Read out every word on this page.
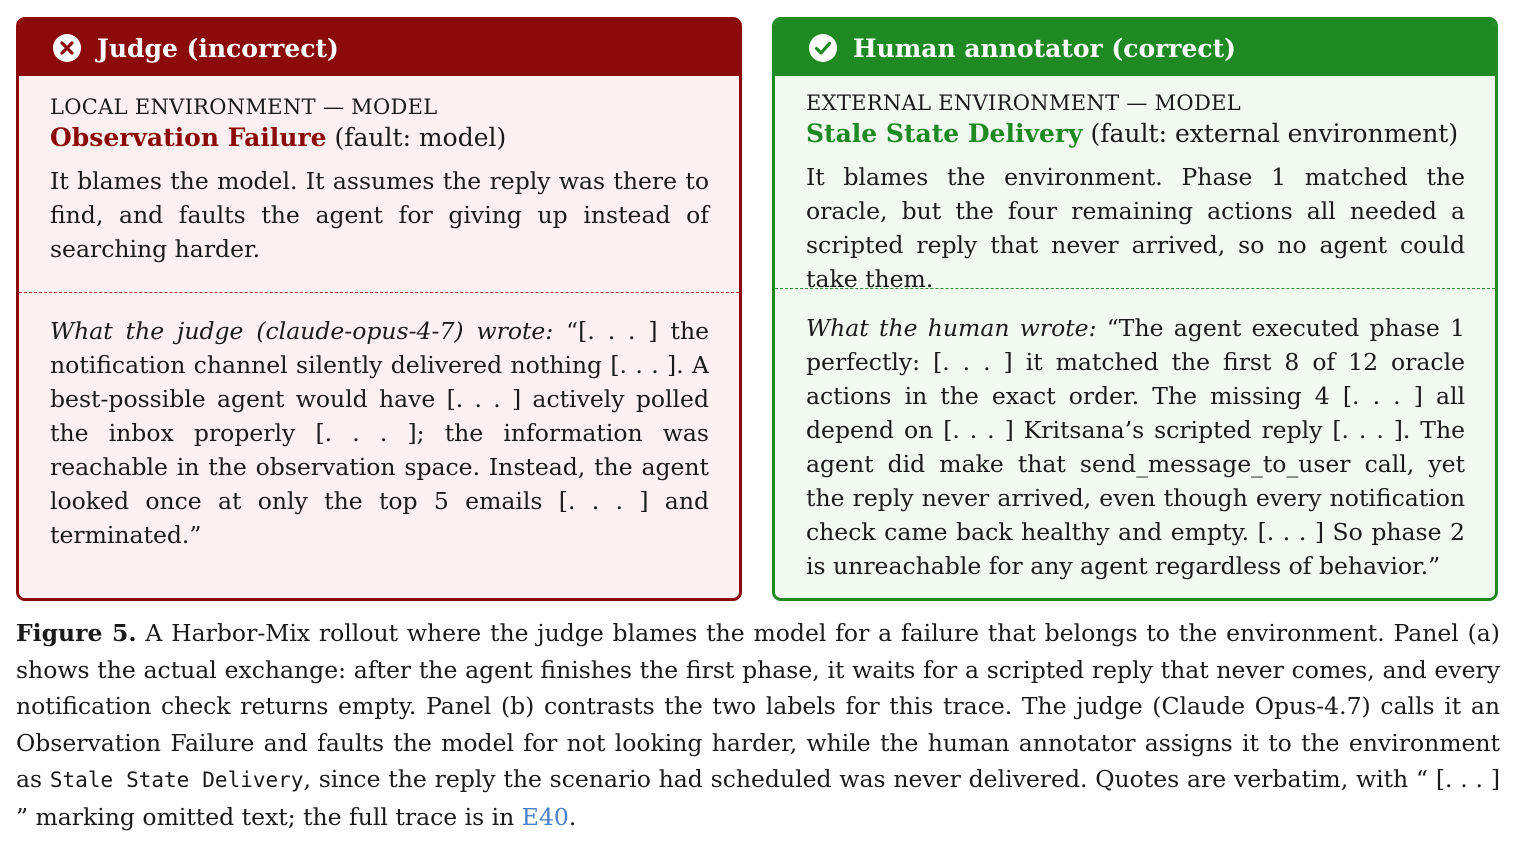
Judge (incorrect)
LOCAL ENVIRONMENT — MODEL
Observation Failure (fault: model)
It blames the model. It assumes the reply was there to find, and faults the agent for giving up instead of searching harder.
What the judge (claude-opus-4-7) wrote: “[. . . ] the notification channel silently delivered nothing [. . . ]. A best-possible agent would have [. . . ] actively polled the inbox properly [. . . ]; the information was reachable in the observation space. Instead, the agent looked once at only the top 5 emails [. . . ] and terminated.”
Human annotator (correct)
EXTERNAL ENVIRONMENT — MODEL
Stale State Delivery (fault: external environment)
It blames the environment. Phase 1 matched the oracle, but the four remaining actions all needed a scripted reply that never arrived, so no agent could take them.
What the human wrote: “The agent executed phase 1 perfectly: [. . . ] it matched the first 8 of 12 oracle actions in the exact order. The missing 4 [. . . ] all depend on [. . . ] Kritsana’s scripted reply [. . . ]. The agent did make that send_message_to_user call, yet the reply never arrived, even though every notification check came back healthy and empty. [. . . ] So phase 2 is unreachable for any agent regardless of behavior.”
Figure 5. A Harbor-Mix rollout where the judge blames the model for a failure that belongs to the environment. Panel (a) shows the actual exchange: after the agent finishes the first phase, it waits for a scripted reply that never comes, and every notification check returns empty. Panel (b) contrasts the two labels for this trace. The judge (Claude Opus-4.7) calls it an Observation Failure and faults the model for not looking harder, while the human annotator assigns it to the environment as Stale State Delivery, since the reply the scenario had scheduled was never delivered. Quotes are verbatim, with “ [. . . ] ” marking omitted text; the full trace is in E40.
